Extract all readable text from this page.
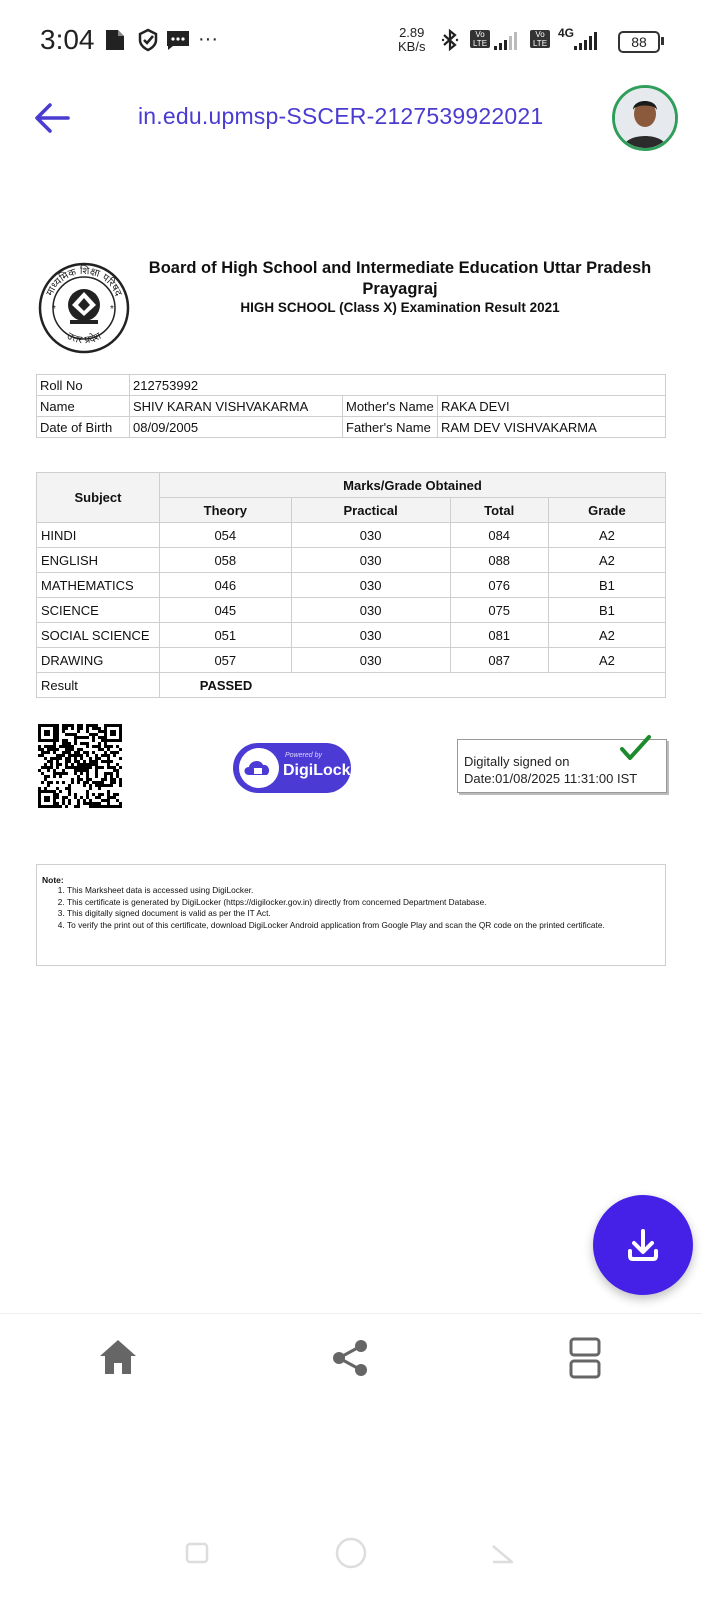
3:04	···	2.89
KB/s
Vo
LTE
Vo
LTE
4G
88
in.edu.upmsp-SSCER-2127539922021
माध्यमिक शिक्षा परिषद
उत्तर प्रदेश
*	*
Board of High School and Intermediate Education Uttar Pradesh Prayagraj
HIGH SCHOOL (Class X) Examination Result 2021
Roll No	212753992		
Name	SHIV KARAN VISHVAKARMA	Mother's Name	RAKA DEVI
Date of Birth	08/09/2005	Father's Name	RAM DEV VISHVAKARMA
Subject	Marks/Grade Obtained			
	Theory	Practical	Total	Grade
HINDI	054	030	084	A2
ENGLISH	058	030	088	A2
MATHEMATICS	046	030	076	B1
SCIENCE	045	030	075	B1
SOCIAL SCIENCE	051	030	081	A2
DRAWING	057	030	087	A2
Result	PASSED			
Powered by
DigiLocker
Digitally signed on
Date:01/08/2025 11:31:00 IST
Note:
1. This Marksheet data is accessed using DigiLocker.
2. This certificate is generated by DigiLocker (https://digilocker.gov.in) directly from concerned Department Database.
3. This digitally signed document is valid as per the IT Act.
4. To verify the print out of this certificate, download DigiLocker Android application from Google Play and scan the QR code on the printed certificate.
